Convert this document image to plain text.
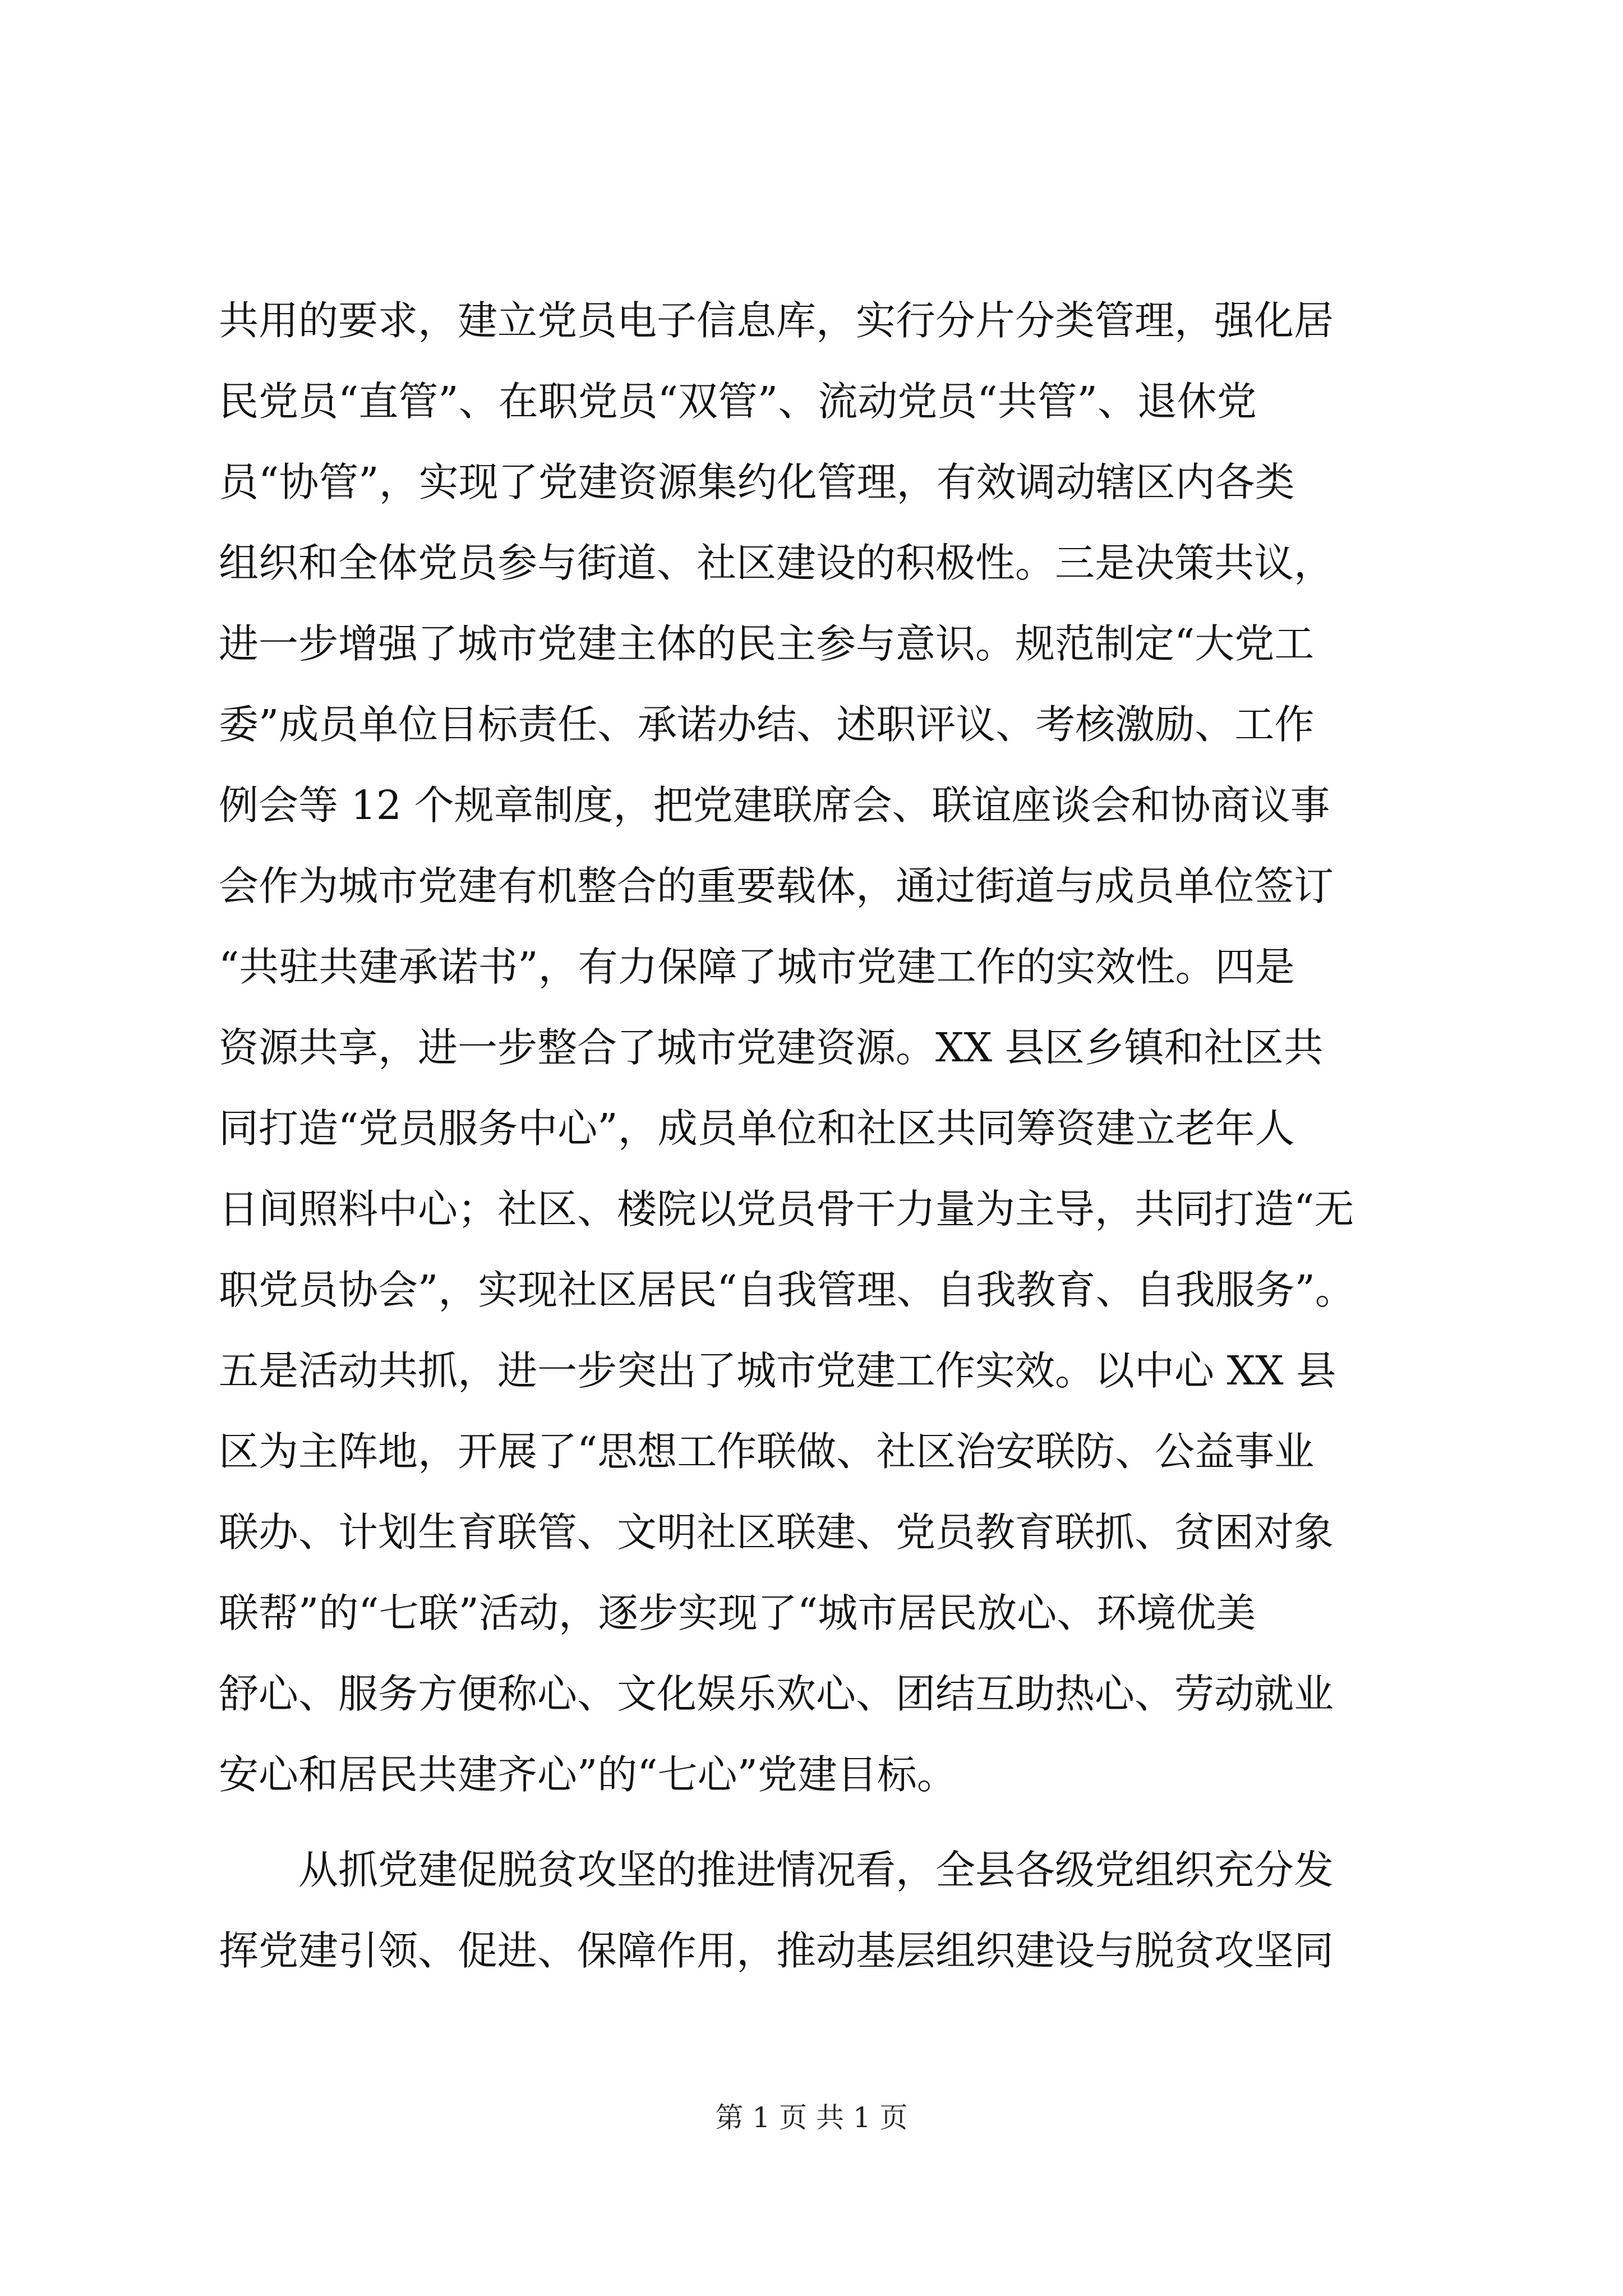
共用的要求，建立党员电子信息库，实行分片分类管理，强化居
民党员“直管”、在职党员“双管”、流动党员“共管”、退休党
员“协管”，实现了党建资源集约化管理，有效调动辖区内各类
组织和全体党员参与街道、社区建设的积极性。三是决策共议，
进一步增强了城市党建主体的民主参与意识。规范制定“大党工
委”成员单位目标责任、承诺办结、述职评议、考核激励、工作
例会等 12 个规章制度，把党建联席会、联谊座谈会和协商议事
会作为城市党建有机整合的重要载体，通过街道与成员单位签订
“共驻共建承诺书”，有力保障了城市党建工作的实效性。四是
资源共享，进一步整合了城市党建资源。XX 县区乡镇和社区共
同打造“党员服务中心”，成员单位和社区共同筹资建立老年人
日间照料中心；社区、楼院以党员骨干力量为主导，共同打造“无
职党员协会”，实现社区居民“自我管理、自我教育、自我服务”。
五是活动共抓，进一步突出了城市党建工作实效。以中心 XX 县
区为主阵地，开展了“思想工作联做、社区治安联防、公益事业
联办、计划生育联管、文明社区联建、党员教育联抓、贫困对象
联帮”的“七联”活动，逐步实现了“城市居民放心、环境优美
舒心、服务方便称心、文化娱乐欢心、团结互助热心、劳动就业
安心和居民共建齐心”的“七心”党建目标。
从抓党建促脱贫攻坚的推进情况看，全县各级党组织充分发
挥党建引领、促进、保障作用，推动基层组织建设与脱贫攻坚同
第 1 页 共 1 页
